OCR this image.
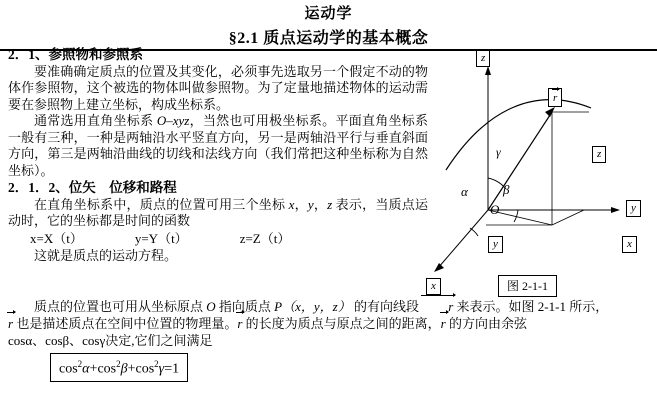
运动学
§2.1 质点运动学的基本概念

2．1、参照物和参照系

要准确确定质点的位置及其变化，必须事先选取另一个假定不动的物体作参照物，这个被选的物体叫做参照物。为了定量地描述物体的运动需要在参照物上建立坐标，构成坐标系。

通常选用直角坐标系 O–xyz，当然也可用极坐标系。平面直角坐标系一般有三种，一种是两轴沿水平竖直方向，另一是两轴沿平行与垂直斜面方向，第三是两轴沿曲线的切线和法线方向（我们常把这种坐标称为自然坐标）。

2．1．2、位矢　位移和路程

在直角坐标系中，质点的位置可用三个坐标 x，y，z 表示，当质点运动时，它的坐标都是时间的函数

x=X（t）	y=Y（t）	z=Z（t）

这就是质点的运动方程。

质点的位置也可用从坐标原点 O 指向质点 P（x，y，z） 的有向线段 r 来表示。如图 2-1-1 所示，

r 也是描述质点在空间中位置的物理量。r 的长度为质点与原点之间的距离，r 的方向由余弦

cosα、cosβ、cosγ决定,它们之间满足

$\cos^2\alpha+\cos^2\beta+\cos^2\gamma=1$
z
z
y
y
x
x
r
α	β
γ
O
图 2-1-1
